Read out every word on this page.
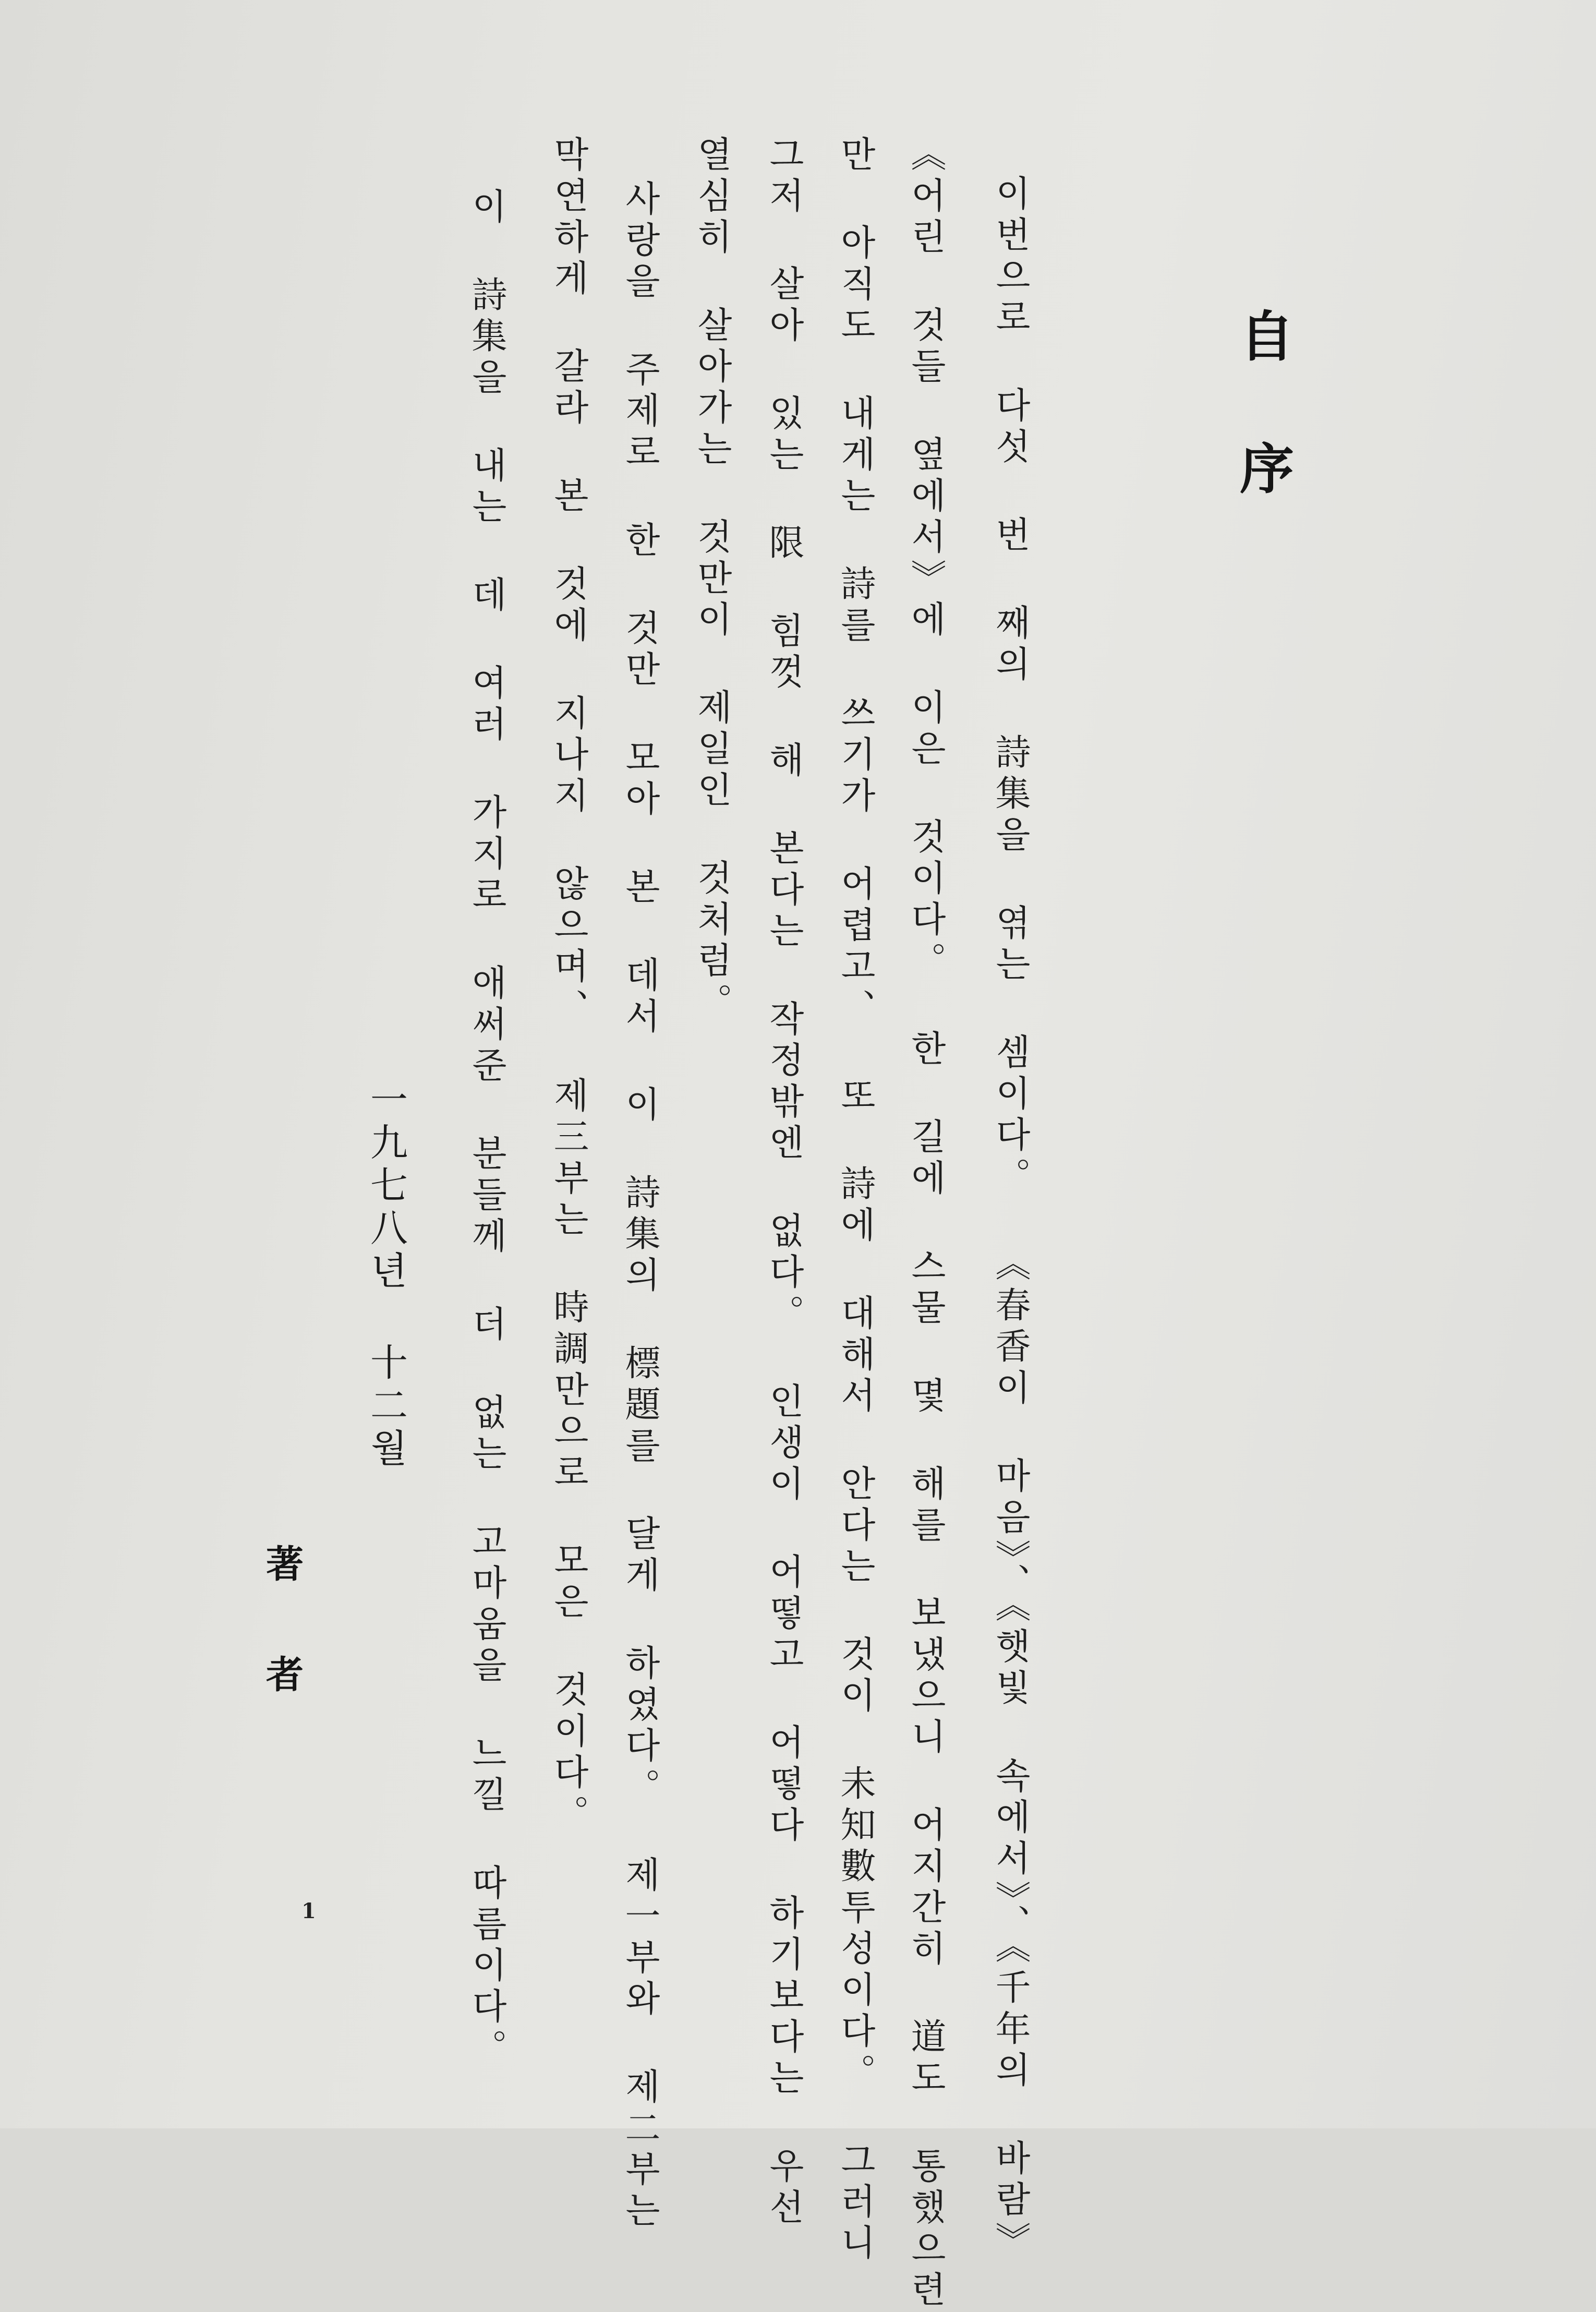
自序

이번으로 다섯 번 째의 詩集을 엮는 셈이다。 《春香이 마음》、《햇빛 속에서》、《千年의 바람》

《어린 것들 옆에서》에 이은 것이다。 한 길에 스물 몇 해를 보냈으니 어지간히 道도 통했으련

만 아직도 내게는 詩를 쓰기가 어렵고、 또 詩에 대해서 안다는 것이 未知數투성이다。 그러니

그저 살아 있는 限 힘껏 해 본다는 작정밖엔 없다。 인생이 어떻고 어떻다 하기보다는 우선

열심히 살아가는 것만이 제일인 것처럼。

사랑을 주제로 한 것만 모아 본 데서 이 詩集의 標題를 달게 하였다。 제一부와 제二부는

막연하게 갈라 본 것에 지나지 않으며、 제三부는 時調만으로 모은 것이다。

이 詩集을 내는 데 여러 가지로 애써준 분들께 더 없는 고마움을 느낄 따름이다。

一九七八년 十二월

著者

1
